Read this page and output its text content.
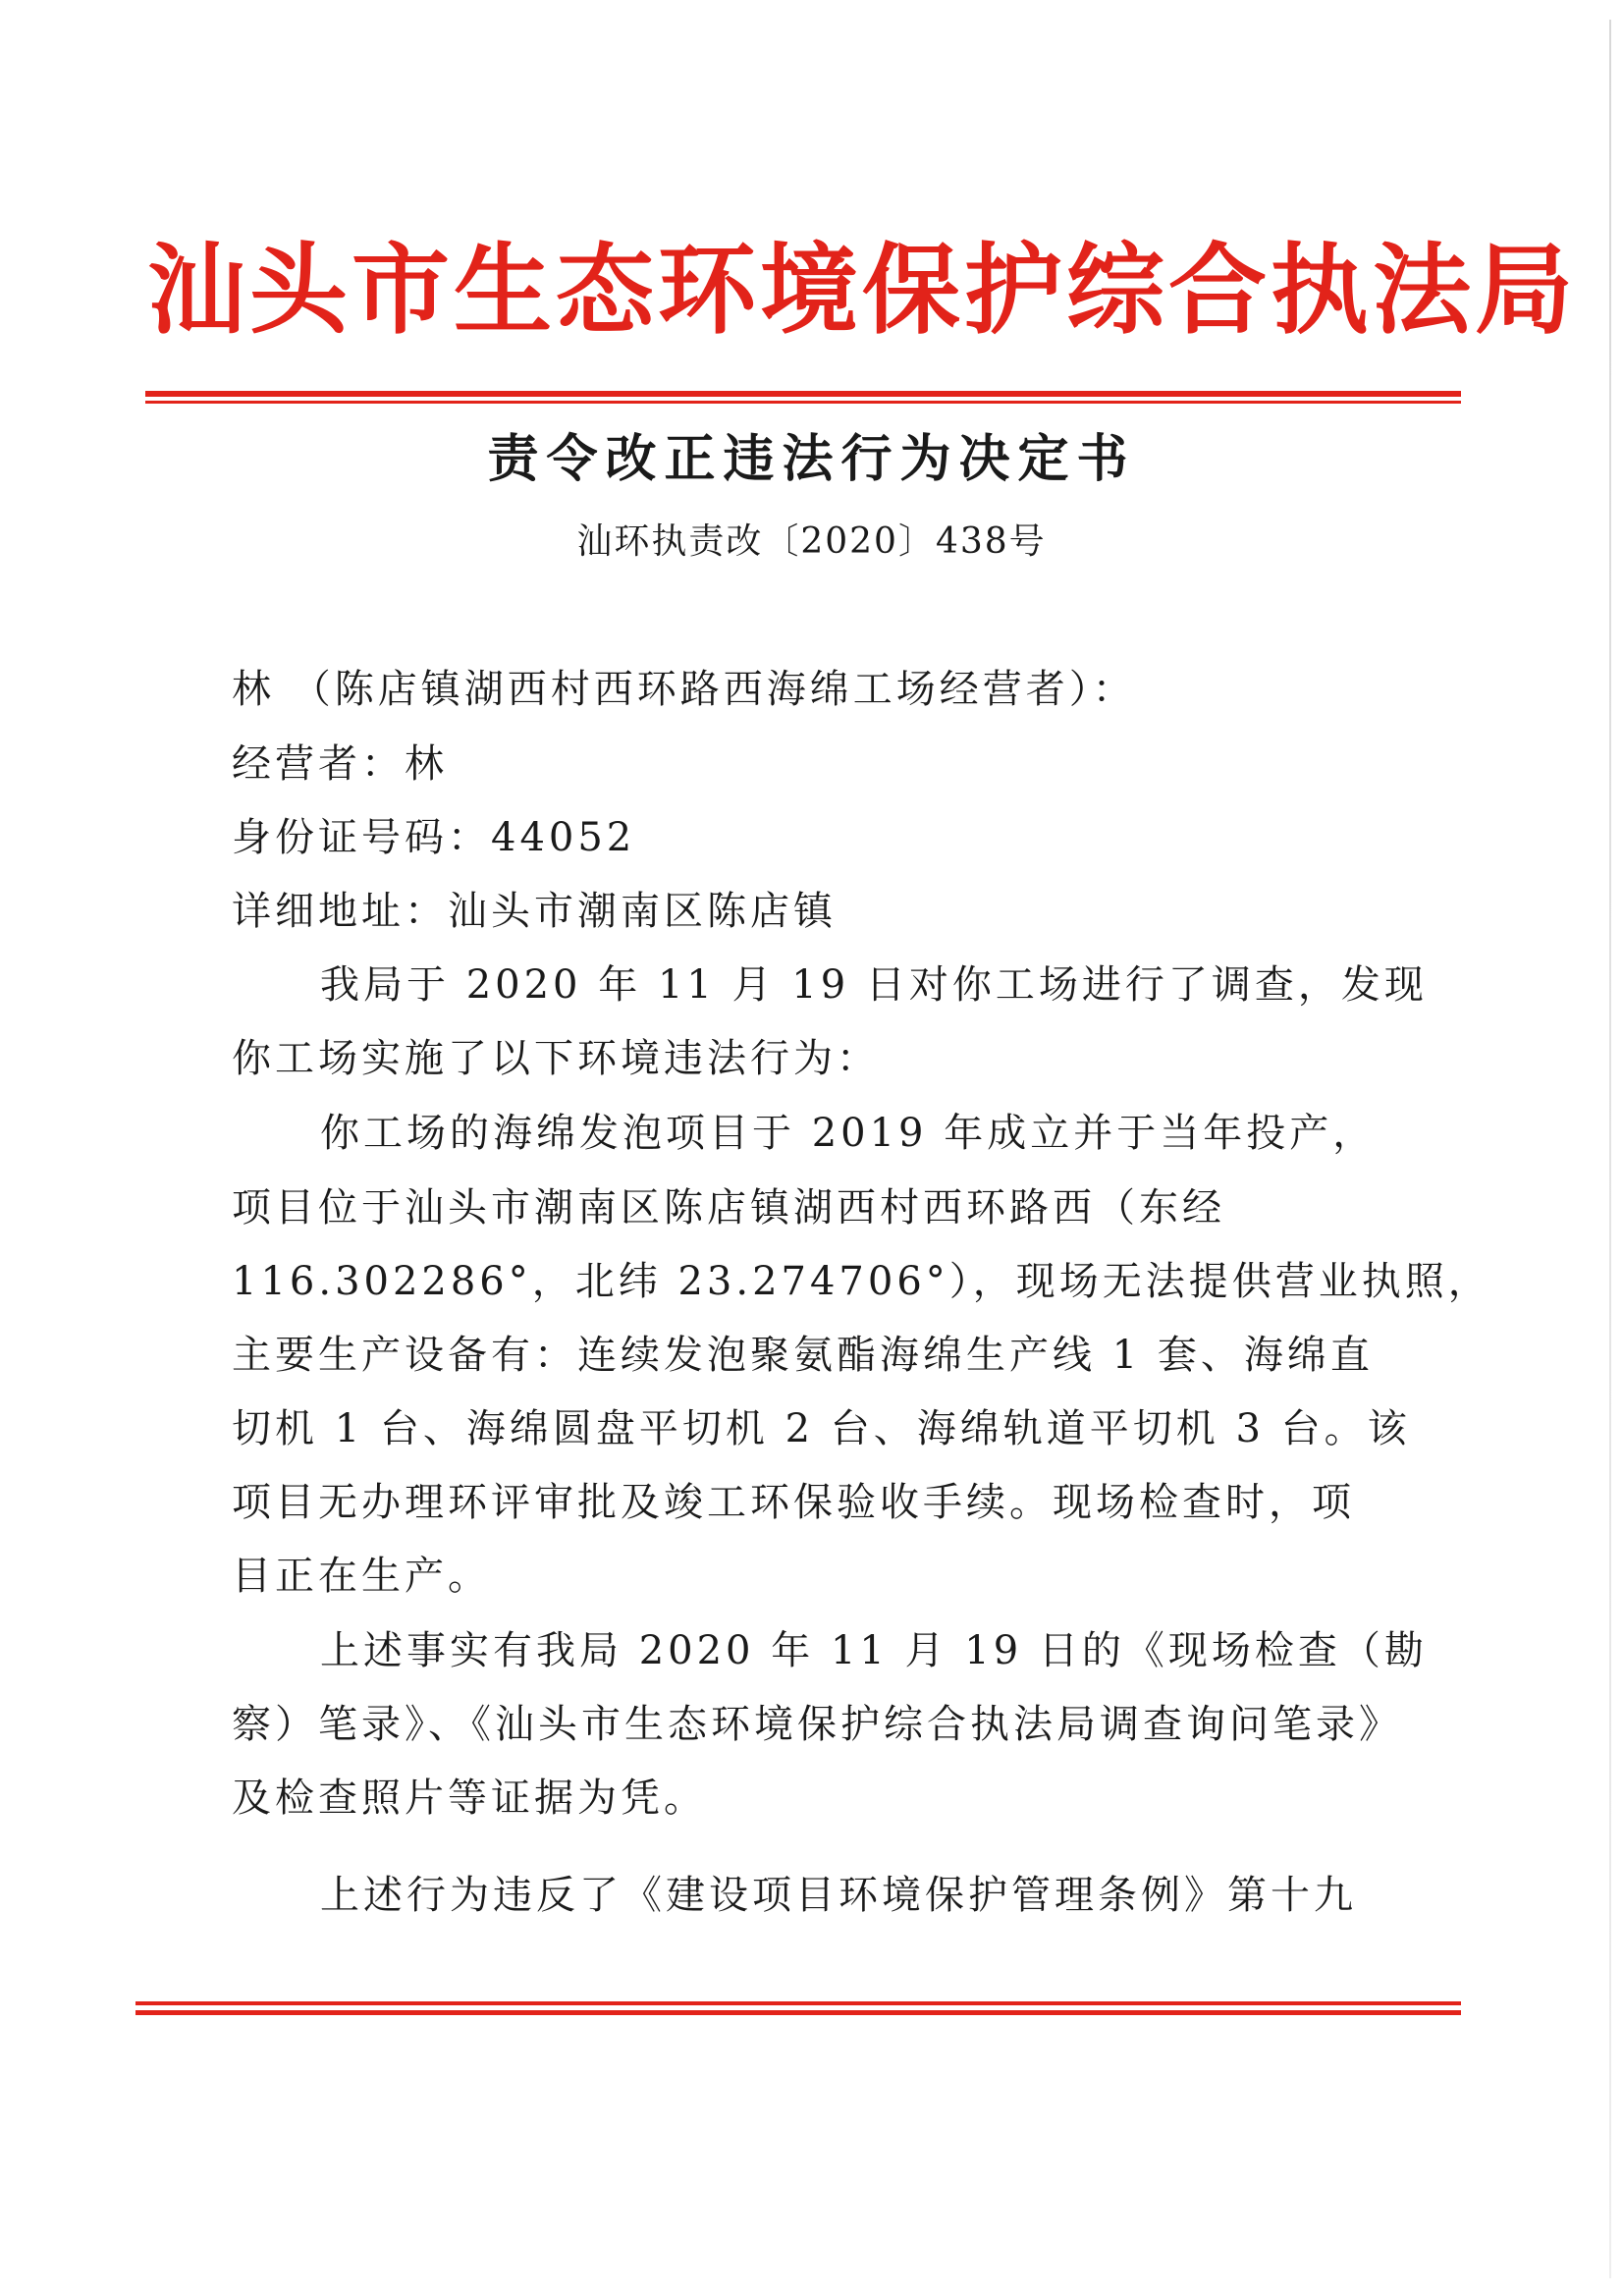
汕头市生态环境保护综合执法局
责令改正违法行为决定书
汕环执责改〔2020〕438号
林 （陈店镇湖西村西环路西海绵工场经营者）：
经营者：林
身份证号码：44052
详细地址：汕头市潮南区陈店镇
我局于 2020 年 11 月 19 日对你工场进行了调查，发现
你工场实施了以下环境违法行为：
你工场的海绵发泡项目于 2019 年成立并于当年投产，
项目位于汕头市潮南区陈店镇湖西村西环路西（东经
116.302286°，北纬 23.274706°），现场无法提供营业执照，
主要生产设备有：连续发泡聚氨酯海绵生产线 1 套、海绵直
切机 1 台、海绵圆盘平切机 2 台、海绵轨道平切机 3 台。该
项目无办理环评审批及竣工环保验收手续。现场检查时，项
目正在生产。
上述事实有我局 2020 年 11 月 19 日的《现场检查（勘
察）笔录》、《汕头市生态环境保护综合执法局调查询问笔录》
及检查照片等证据为凭。
上述行为违反了《建设项目环境保护管理条例》第十九
